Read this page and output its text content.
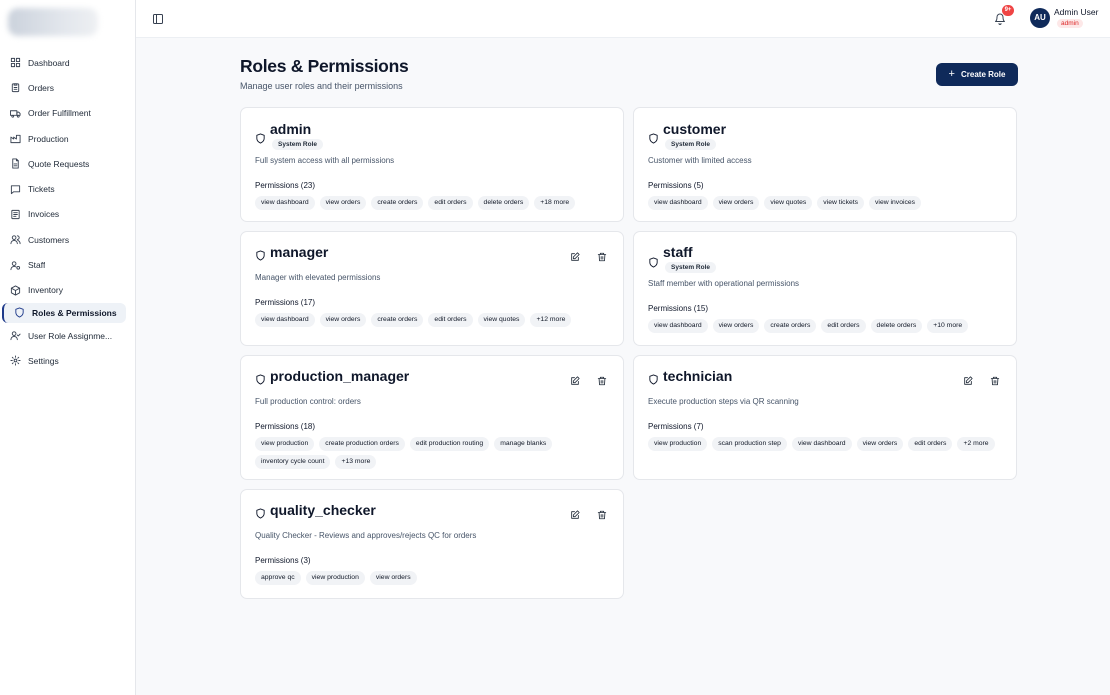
Dashboard
Orders
Order Fulfillment
Production
Quote Requests
Tickets
Invoices
Customers
Staff
Inventory
Roles & Permissions
User Role Assignme...
Settings
9+
AU
Admin User
admin
Roles & Permissions

Manage user roles and their permissions

+ Create Role
admin
System Role
Full system access with all permissions
Permissions (23)
view dashboard	view orders	create orders	edit orders	delete orders	+18 more
customer
System Role
Customer with limited access
Permissions (5)
view dashboard	view orders	view quotes	view tickets	view invoices
manager
Manager with elevated permissions
Permissions (17)
view dashboard	view orders	create orders	edit orders	view quotes	+12 more
staff
System Role
Staff member with operational permissions
Permissions (15)
view dashboard	view orders	create orders	edit orders	delete orders	+10 more
production_manager
Full production control: orders
Permissions (18)
view production	create production orders	edit production routing	manage blanks
inventory cycle count	+13 more
technician
Execute production steps via QR scanning
Permissions (7)
view production	scan production step	view dashboard	view orders	edit orders	+2 more
quality_checker
Quality Checker - Reviews and approves/rejects QC for orders
Permissions (3)
approve qc	view production	view orders
